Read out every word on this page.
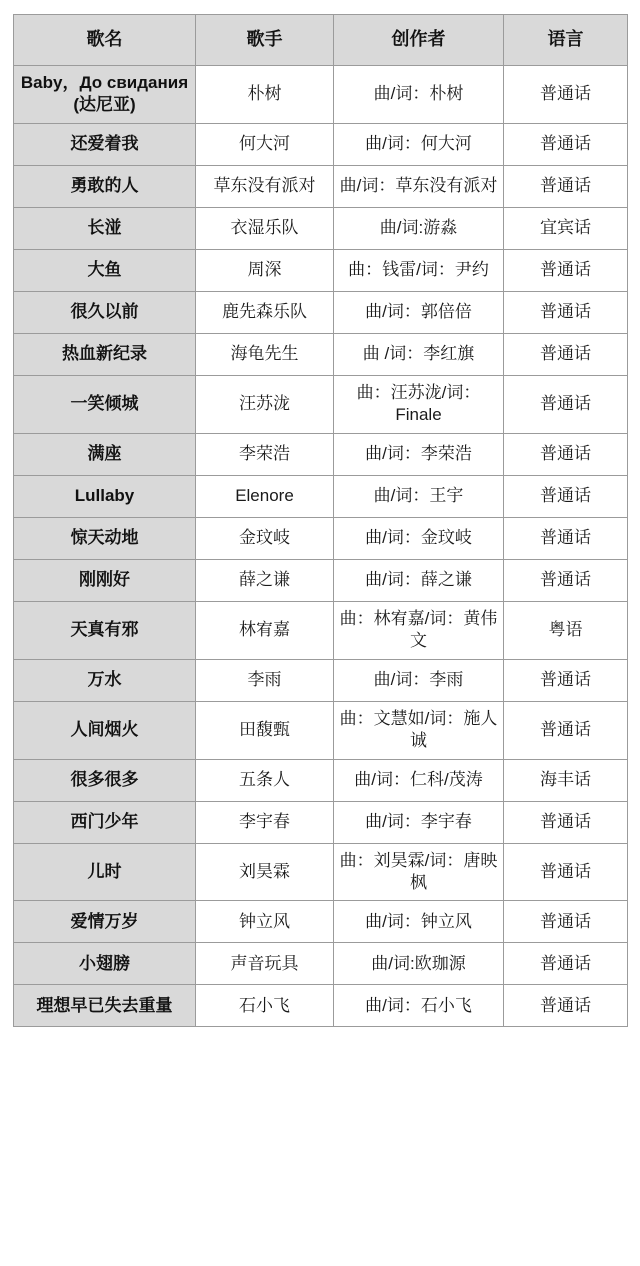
歌名	歌手	创作者	语言
Baby，До свидания (达尼亚)	朴树	曲/词：朴树	普通话
还爱着我	何大河	曲/词：何大河	普通话
勇敢的人	草东没有派对	曲/词：草东没有派对	普通话
长湴	衣湿乐队	曲/词:游淼	宜宾话
大鱼	周深	曲：钱雷/词：尹约	普通话
很久以前	鹿先森乐队	曲/词：郭倍倍	普通话
热血新纪录	海龟先生	曲 /词：李红旗	普通话
一笑倾城	汪苏泷	曲：汪苏泷/词：Finale	普通话
满座	李荣浩	曲/词：李荣浩	普通话
Lullaby	Elenore	曲/词：王宇	普通话
惊天动地	金玟岐	曲/词：金玟岐	普通话
刚刚好	薛之谦	曲/词：薛之谦	普通话
天真有邪	林宥嘉	曲：林宥嘉/词：黄伟文	粤语
万水	李雨	曲/词：李雨	普通话
人间烟火	田馥甄	曲：文慧如/词：施人诚	普通话
很多很多	五条人	曲/词：仁科/茂涛	海丰话
西门少年	李宇春	曲/词：李宇春	普通话
儿时	刘昊霖	曲：刘昊霖/词：唐映枫	普通话
爱情万岁	钟立风	曲/词：钟立风	普通话
小翅膀	声音玩具	曲/词:欧珈源	普通话
理想早已失去重量	石小飞	曲/词：石小飞	普通话
